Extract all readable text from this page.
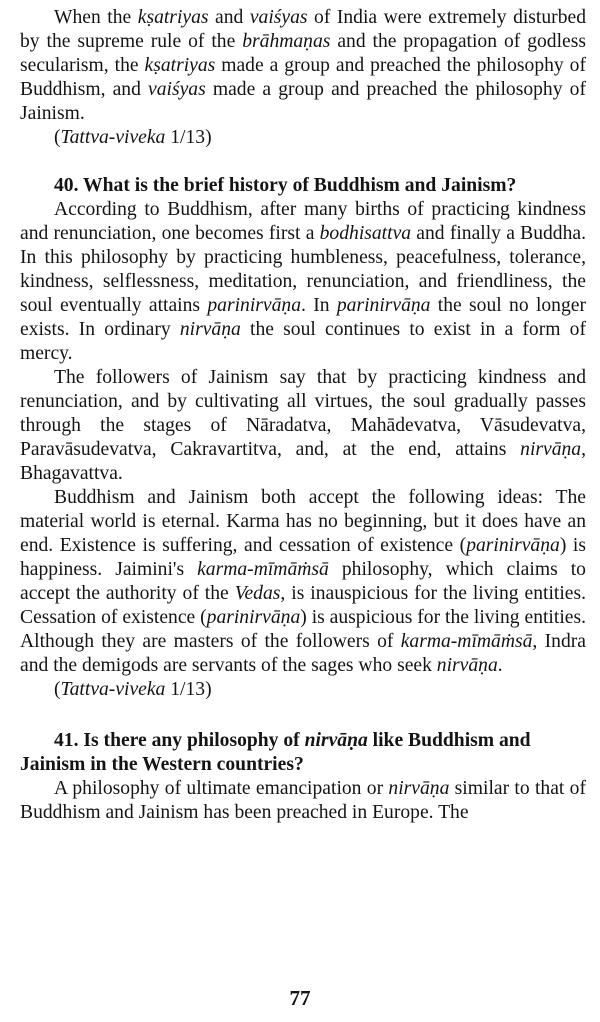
When the kṣatriyas and vaiśyas of India were extremely disturbed by the supreme rule of the brāhmaṇas and the propagation of godless secularism, the kṣatriyas made a group and preached the philosophy of Buddhism, and vaiśyas made a group and preached the philosophy of Jainism.

(Tattva-viveka 1/13)

40. What is the brief history of Buddhism and Jainism?

According to Buddhism, after many births of practicing kindness and renunciation, one becomes first a bodhisattva and finally a Buddha. In this philosophy by practicing humbleness, peacefulness, tolerance, kindness, selflessness, meditation, renunciation, and friendliness, the soul eventually attains parinirvāṇa. In parinirvāṇa the soul no longer exists. In ordinary nirvāṇa the soul continues to exist in a form of mercy.

The followers of Jainism say that by practicing kindness and renunciation, and by cultivating all virtues, the soul gradually passes through the stages of Nāradatva, Mahādevatva, Vāsudevatva, Paravāsudevatva, Cakravartitva, and, at the end, attains nirvāṇa, Bhagavattva.

Buddhism and Jainism both accept the following ideas: The material world is eternal. Karma has no beginning, but it does have an end. Existence is suffering, and cessation of existence (parinirvāṇa) is happiness. Jaimini's karma-mīmāṁsā philosophy, which claims to accept the authority of the Vedas, is inauspicious for the living entities. Cessation of existence (parinirvāṇa) is auspicious for the living entities. Although they are masters of the followers of karma-mīmāṁsā, Indra and the demigods are servants of the sages who seek nirvāṇa.

(Tattva-viveka 1/13)

41. Is there any philosophy of nirvāṇa like Buddhism and Jainism in the Western countries?

A philosophy of ultimate emancipation or nirvāṇa similar to that of Buddhism and Jainism has been preached in Europe. The

77
